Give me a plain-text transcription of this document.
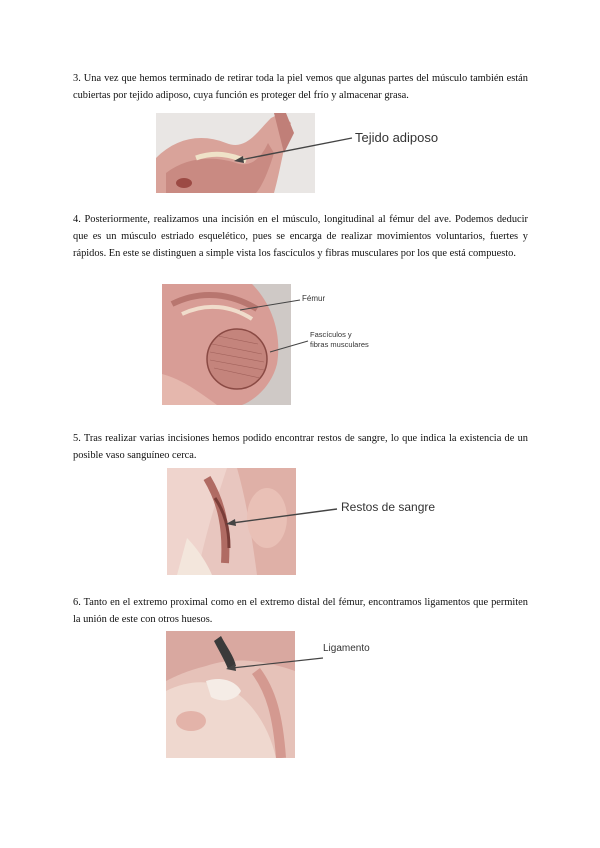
3. Una vez que hemos terminado de retirar toda la piel vemos que algunas partes del músculo también están cubiertas por tejido adiposo, cuya función es proteger del frío y almacenar grasa.

Tejido adiposo

4. Posteriormente, realizamos una incisión en el músculo, longitudinal al fémur del ave. Podemos deducir que es un músculo estriado esquelético, pues se encarga de realizar movimientos voluntarios, fuertes y rápidos. En este se distinguen a simple vista los fascículos y fibras musculares por los que está compuesto.

Fémur
Fascículos y
fibras musculares

5. Tras realizar varias incisiones hemos podido encontrar restos de sangre, lo que indica la existencia de un posible vaso sanguíneo cerca.

Restos de sangre

6. Tanto en el extremo proximal como en el extremo distal del fémur, encontramos ligamentos que permiten la unión de este con otros huesos.

Ligamento
